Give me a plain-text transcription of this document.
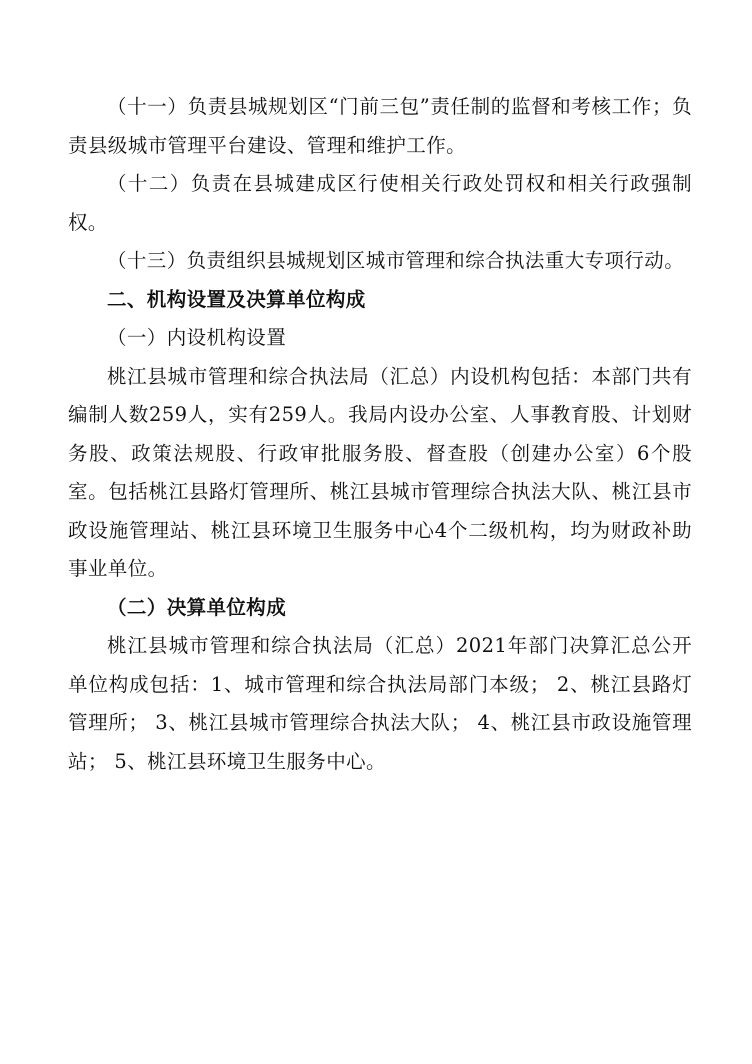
（十一）负责县城规划区“门前三包”责任制的监督和考核工作；负责县级城市管理平台建设、管理和维护工作。

（十二）负责在县城建成区行使相关行政处罚权和相关行政强制权。

（十三）负责组织县城规划区城市管理和综合执法重大专项行动。

二、机构设置及决算单位构成

（一）内设机构设置

桃江县城市管理和综合执法局（汇总）内设机构包括：本部门共有编制人数259人，实有259人。我局内设办公室、人事教育股、计划财务股、政策法规股、行政审批服务股、督查股（创建办公室）6个股室。包括桃江县路灯管理所、桃江县城市管理综合执法大队、桃江县市政设施管理站、桃江县环境卫生服务中心4个二级机构，均为财政补助事业单位。

（二）决算单位构成

桃江县城市管理和综合执法局（汇总）2021年部门决算汇总公开单位构成包括：1、城市管理和综合执法局部门本级； 2、桃江县路灯管理所； 3、桃江县城市管理综合执法大队； 4、桃江县市政设施管理站； 5、桃江县环境卫生服务中心。
